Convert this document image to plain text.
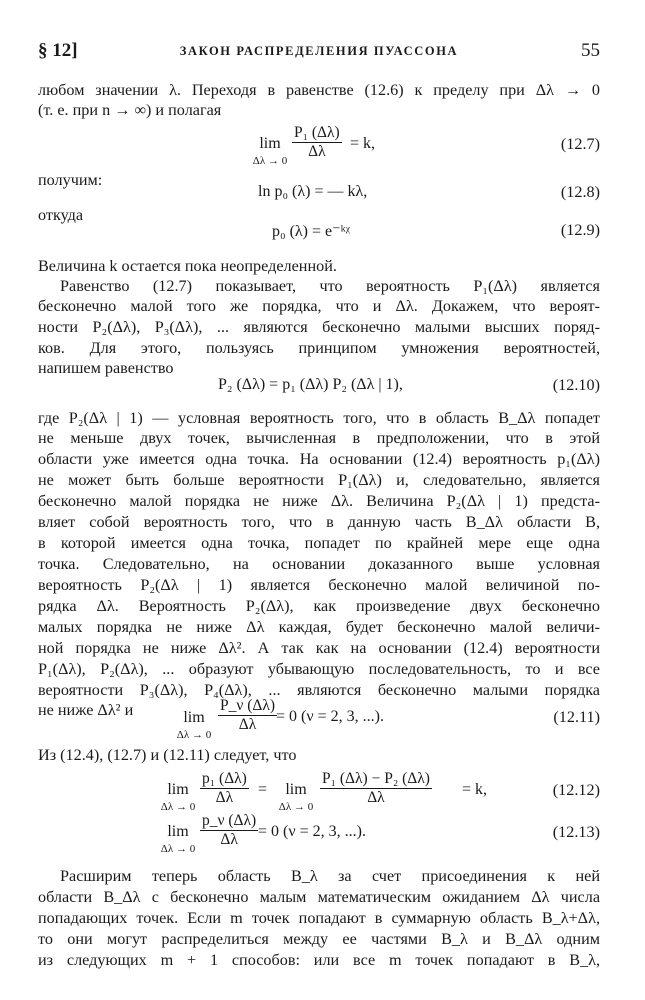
§ 12]	ЗАКОН РАСПРЕДЕЛЕНИЯ ПУАССОНА	55
любом значении λ. Переходя в равенстве (12.6) к пределу при Δλ → 0
(т. е. при n → ∞) и полагая
lim
$\Delta\lambda \to 0 \frac{\text{P₁ (Δλ)}}{\Delta\lambda} = k$,	(12.7)
получим:
ln p₀ (λ) = — kλ,	(12.8)
откуда
p₀ (λ) = e⁻ᵏᵡ	(12.9)
Величина k остается пока неопределенной.
Равенство (12.7) показывает, что вероятность P₁(Δλ) является
бесконечно малой того же порядка, что и Δλ. Докажем, что вероят-
ности P₂(Δλ), P₃(Δλ), ... являются бесконечно малыми высших поряд-
ков. Для этого, пользуясь принципом умножения вероятностей,
напишем равенство
P₂ (Δλ) = p₁ (Δλ) P₂ (Δλ | 1),	(12.10)
где P₂(Δλ | 1) — условная вероятность того, что в область B_Δλ попадет
не меньше двух точек, вычисленная в предположении, что в этой
области уже имеется одна точка. На основании (12.4) вероятность p₁(Δλ)
не может быть больше вероятности P₁(Δλ) и, следовательно, является
бесконечно малой порядка не ниже Δλ. Величина P₂(Δλ | 1) предста-
вляет собой вероятность того, что в данную часть B_Δλ области B,
в которой имеется одна точка, попадет по крайней мере еще одна
точка. Следовательно, на основании доказанного выше условная
вероятность P₂(Δλ | 1) является бесконечно малой величиной по-
рядка Δλ. Вероятность P₂(Δλ), как произведение двух бесконечно
малых порядка не ниже Δλ каждая, будет бесконечно малой величи-
ной порядка не ниже Δλ². А так как на основании (12.4) вероятности
P₁(Δλ), P₂(Δλ), ... образуют убывающую последовательность, то и все
вероятности P₃(Δλ), P₄(Δλ), ... являются бесконечно малыми порядка
не ниже Δλ² и	lim
Δλ → 0
$\frac{P\_\nu (\Delta\lambda)}{\Delta\lambda}$
= 0 (ν = 2, 3, ...).	(12.11)
Из (12.4), (12.7) и (12.11) следует, что
lim
$\Delta\lambda \to 0 \frac{\text{p₁ (Δλ)}}{\Delta\lambda}$ =	lim
$\Delta\lambda \to 0 \frac{\text{P₁ (Δλ) − P₂ (Δλ)}}{\Delta\lambda} = k$,	(12.12)
lim
$\Delta\lambda \to 0 \frac{p\_\nu (\Delta\lambda)}{\Delta\lambda} = 0$ (ν = 2, 3, ...).	(12.13)
Расширим теперь область B_λ за счет присоединения к ней
области B_Δλ с бесконечно малым математическим ожиданием Δλ числа
попадающих точек. Если m точек попадают в суммарную область B_λ+Δλ,
то они могут распределиться между ее частями B_λ и B_Δλ одним
из следующих m + 1 способов: или все m точек попадают в B_λ,
